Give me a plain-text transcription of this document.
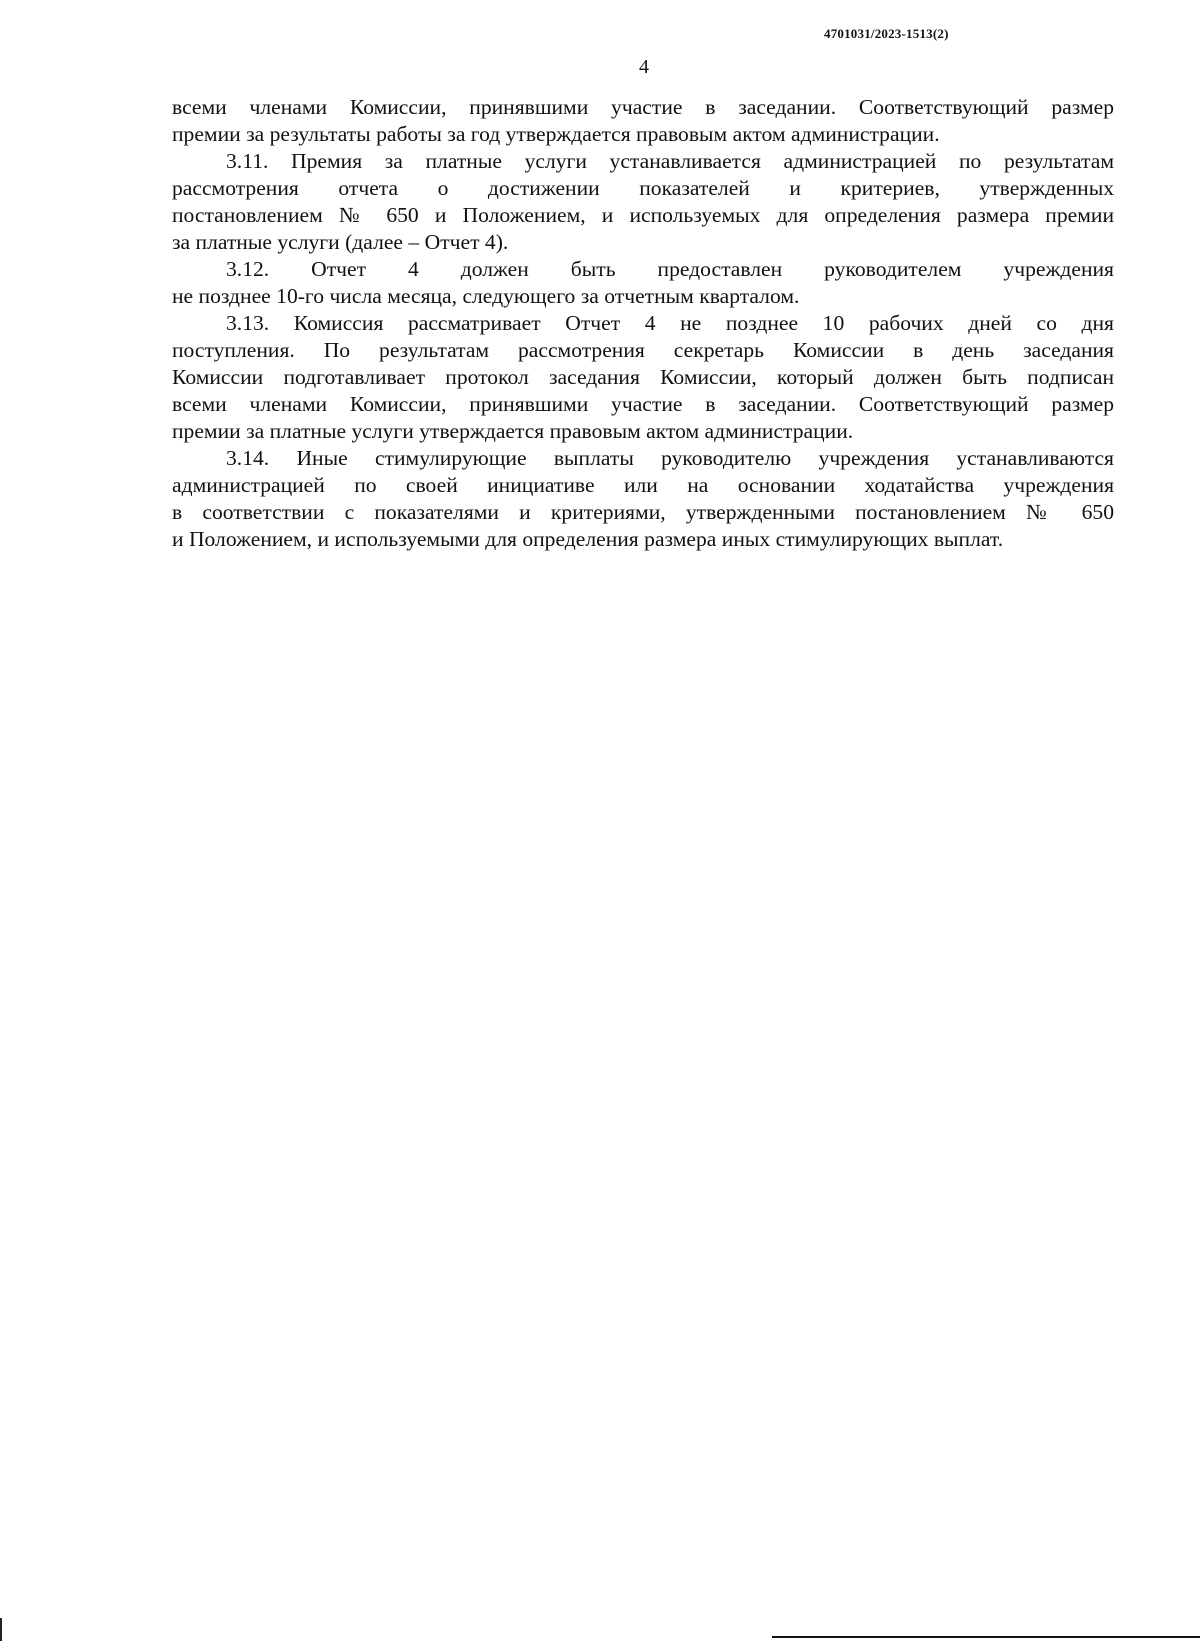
4701031/2023-1513(2)
4

всеми членами Комиссии, принявшими участие в заседании. Соответствующий размер
премии за результаты работы за год утверждается правовым актом администрации.

3.11. Премия за платные услуги устанавливается администрацией по результатам
рассмотрения отчета о достижении показателей и критериев, утвержденных
постановлением № 650 и Положением, и используемых для определения размера премии
за платные услуги (далее – Отчет 4).

3.12. Отчет 4 должен быть предоставлен руководителем учреждения
не позднее 10-го числа месяца, следующего за отчетным кварталом.

3.13. Комиссия рассматривает Отчет 4 не позднее 10 рабочих дней со дня
поступления. По результатам рассмотрения секретарь Комиссии в день заседания
Комиссии подготавливает протокол заседания Комиссии, который должен быть подписан
всеми членами Комиссии, принявшими участие в заседании. Соответствующий размер
премии за платные услуги утверждается правовым актом администрации.

3.14. Иные стимулирующие выплаты руководителю учреждения устанавливаются
администрацией по своей инициативе или на основании ходатайства учреждения
в соответствии с показателями и критериями, утвержденными постановлением № 650
и Положением, и используемыми для определения размера иных стимулирующих выплат.
